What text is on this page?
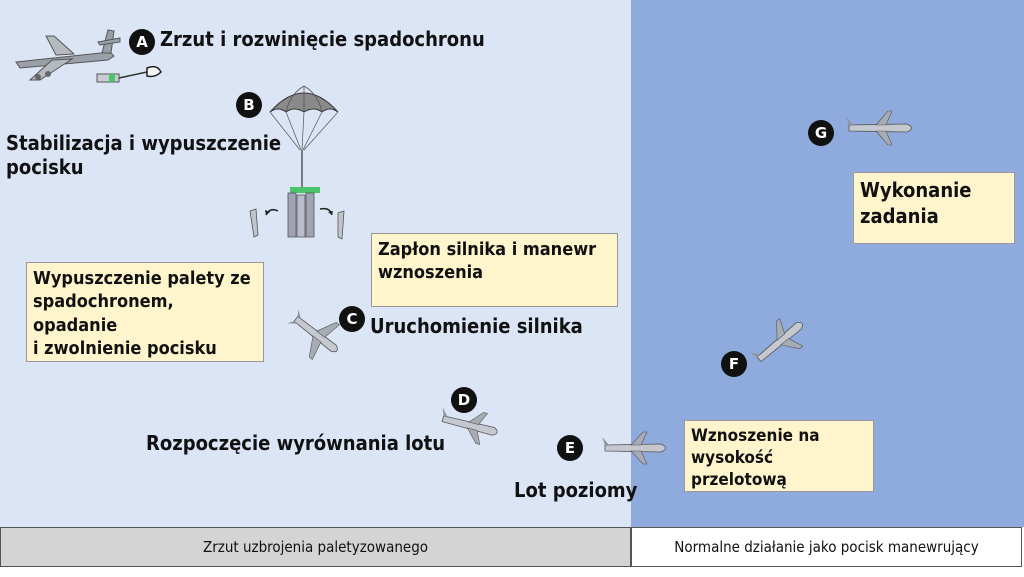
A Zrzut i rozwinięcie spadochronu
B
Stabilizacja i wypuszczenie
pocisku
Wypuszczenie palety ze
spadochronem, opadanie
i zwolnienie pocisku
Zapłon silnika i manewr
wznoszenia
C Uruchomienie silnika
D
Rozpoczęcie wyrównania lotu	E
Lot poziomy
Wznoszenie na
wysokość przelotową
F
G
Wykonanie
zadania
Zrzut uzbrojenia paletyzowanego	Normalne działanie jako pocisk manewrujący
